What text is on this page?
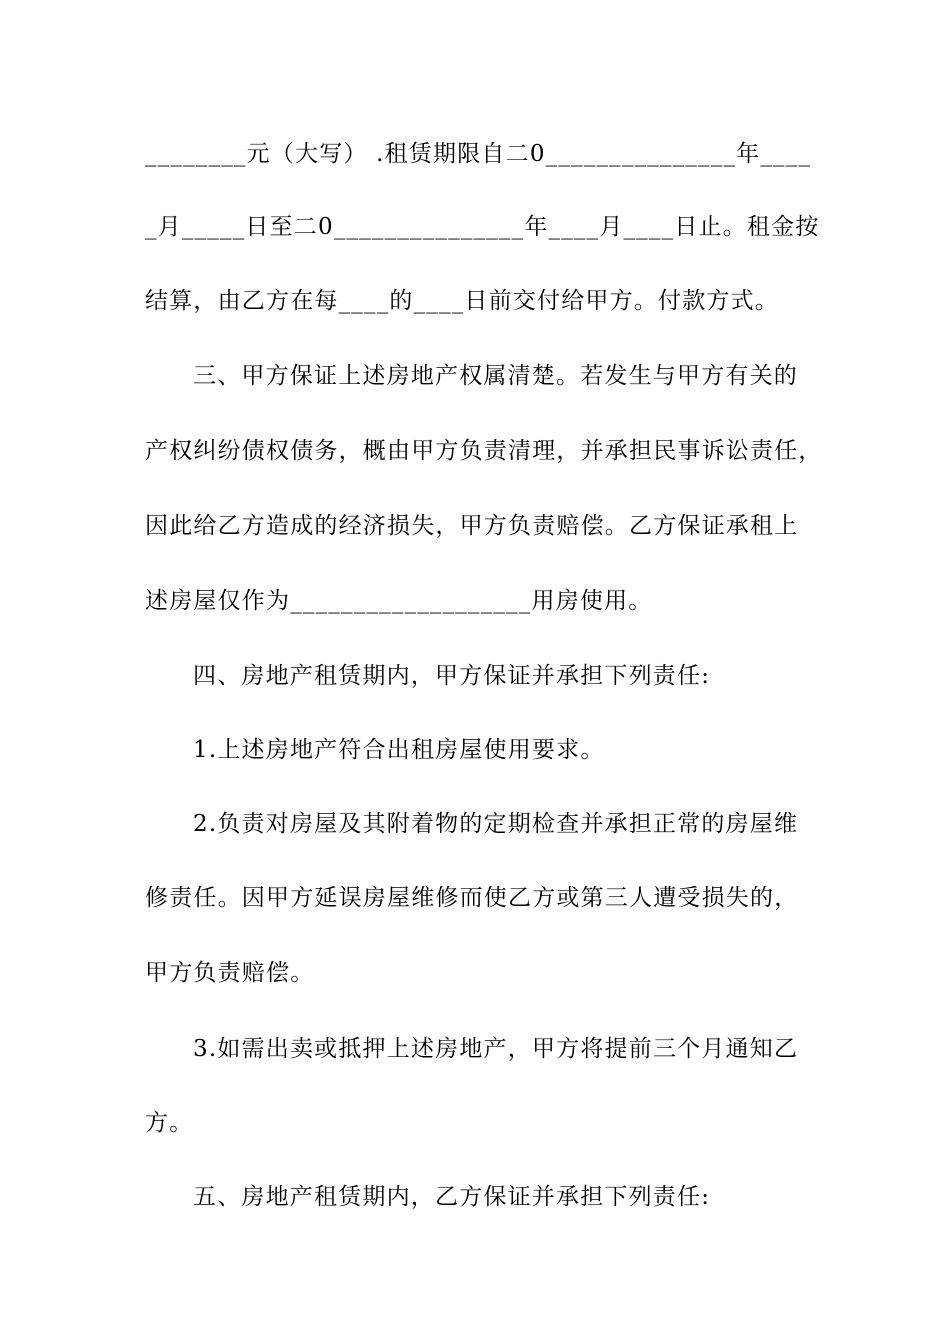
________元（大写） .租赁期限自二0_______________年____
_月_____日至二0_______________年____月____日止。租金按
结算，由乙方在每____的____日前交付给甲方。付款方式。
三、甲方保证上述房地产权属清楚。若发生与甲方有关的
产权纠纷债权债务，概由甲方负责清理，并承担民事诉讼责任，
因此给乙方造成的经济损失，甲方负责赔偿。乙方保证承租上
述房屋仅作为___________________用房使用。
四、房地产租赁期内，甲方保证并承担下列责任:
1.上述房地产符合出租房屋使用要求。
2.负责对房屋及其附着物的定期检查并承担正常的房屋维
修责任。因甲方延误房屋维修而使乙方或第三人遭受损失的，
甲方负责赔偿。
3.如需出卖或抵押上述房地产，甲方将提前三个月通知乙
方。
五、房地产租赁期内，乙方保证并承担下列责任:
